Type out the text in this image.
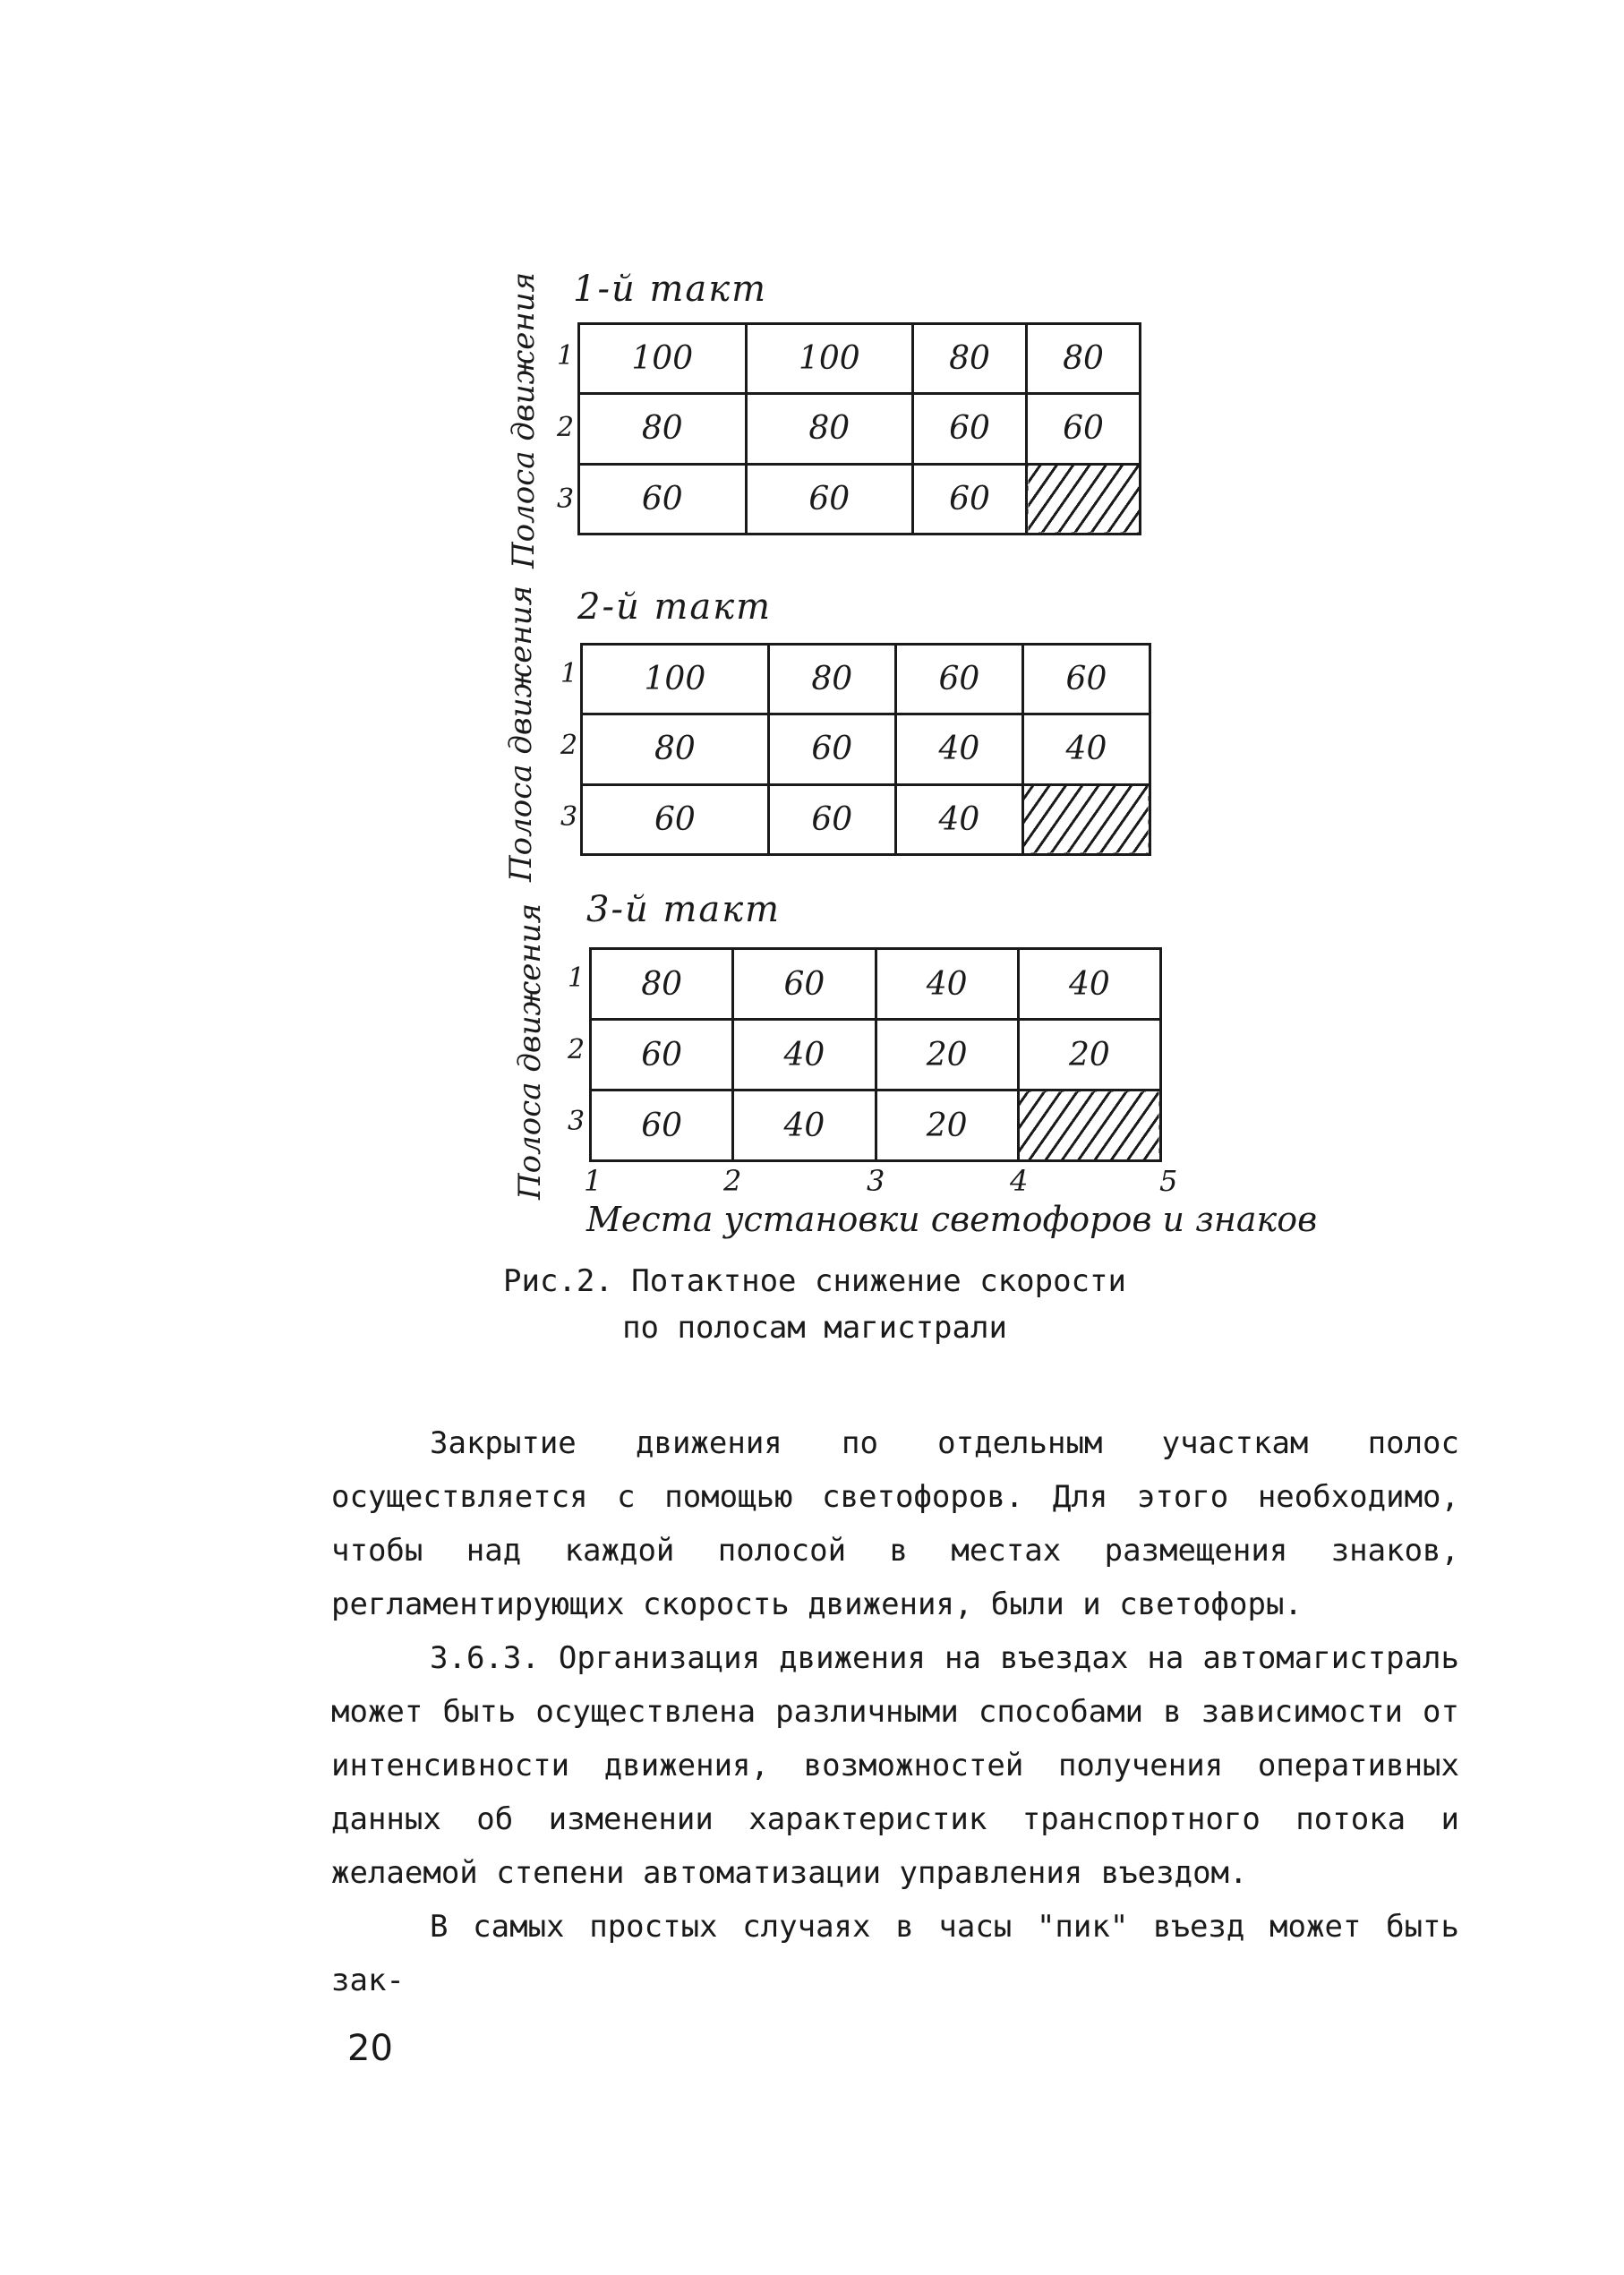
1-й такт
Полоса движения 1
2
3
100	100	80	80
80	80	60	60
60	60	60	
2-й такт
Полоса движения 1
2
3
100	80	60	60
80	60	40	40
60	60	40	
3-й такт
Полоса движения 1
2
3
80	60	40	40
60	40	20	20
60	40	20	
1	2	3	4	5
Места установки светофоров и знаков
Рис.2. Потактное снижение скорости
по полосам магистрали

Закрытие движения по отдельным участкам полос осуществляется с помощью светофоров. Для этого необходимо, чтобы над каждой полосой в местах размещения знаков, регламентирующих скорость движения, были и светофоры.

3.6.3. Организация движения на въездах на автомагистраль может быть осуществлена различными способами в зависимости от интенсивности движения, возможностей получения оперативных данных об изменении характеристик транспортного потока и желаемой степени автоматизации управления въездом.

В самых простых случаях в часы "пик" въезд может быть зак-

20
